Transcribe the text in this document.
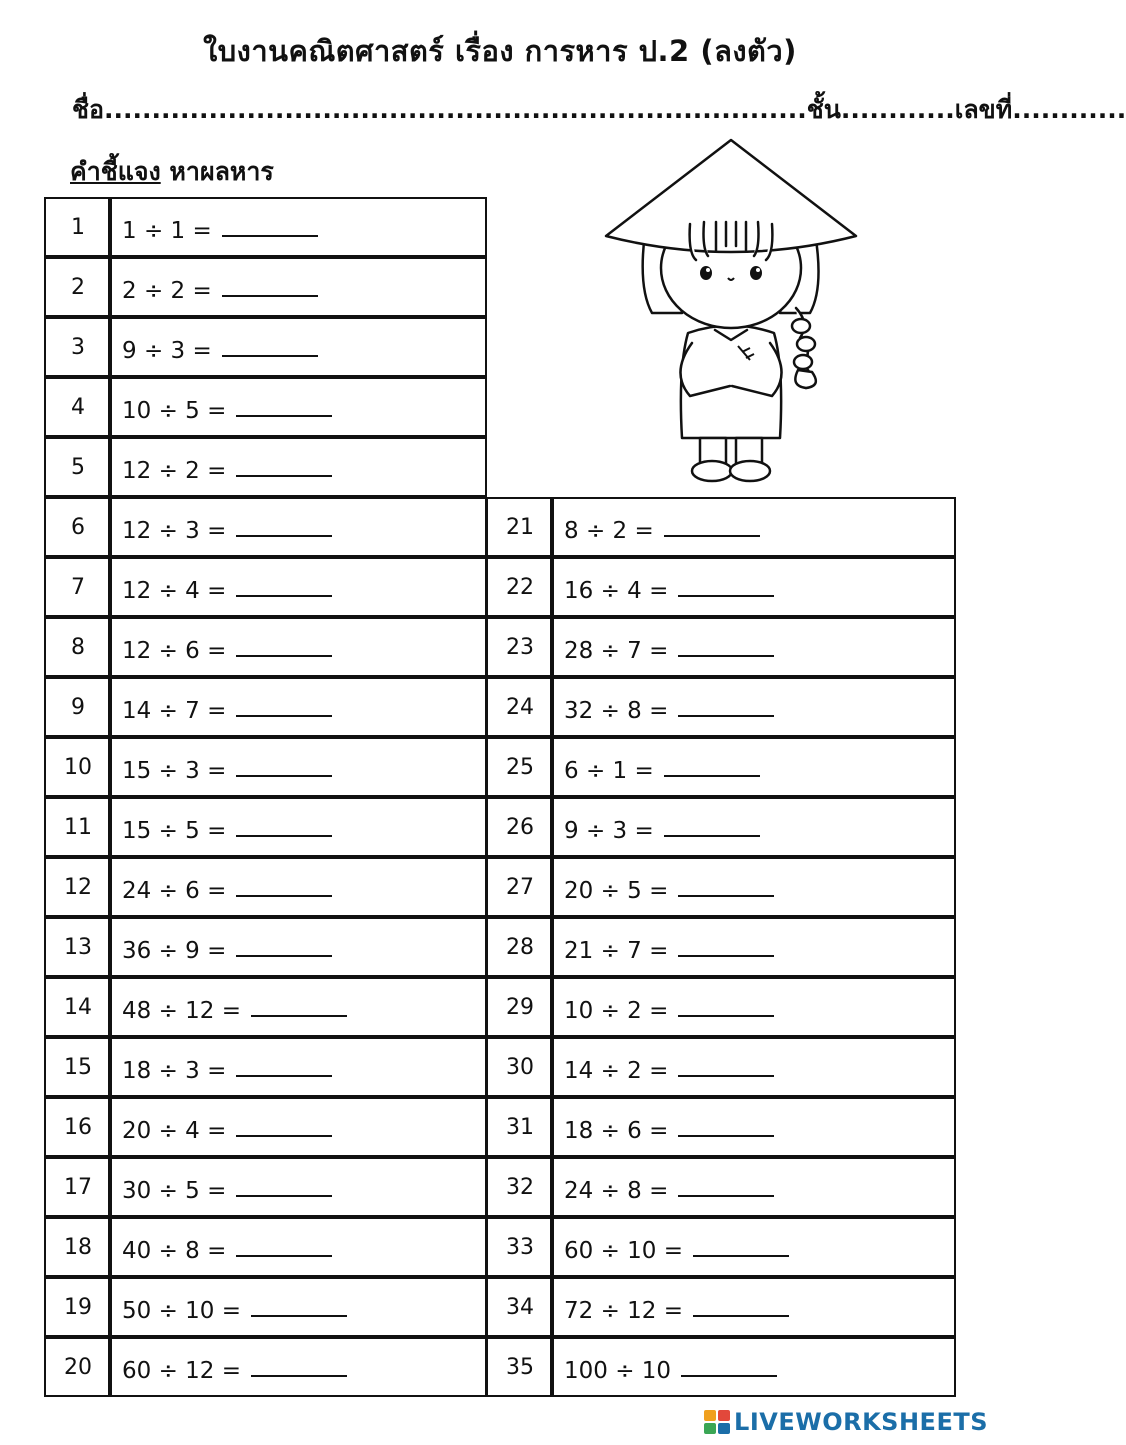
ใบงานคณิตศาสตร์ เรื่อง การหาร ป.2 (ลงตัว)
ชื่อ..........................................................................ชั้น............เลขที่............
คำชี้แจง หาผลหาร
1	1 ÷ 1 =
2	2 ÷ 2 =
3	9 ÷ 3 =
4	10 ÷ 5 =
5	12 ÷ 2 =
6	12 ÷ 3 =
7	12 ÷ 4 =
8	12 ÷ 6 =
9	14 ÷ 7 =
10	15 ÷ 3 =
11	15 ÷ 5 =
12	24 ÷ 6 =
13	36 ÷ 9 =
14	48 ÷ 12 =
15	18 ÷ 3 =
16	20 ÷ 4 =
17	30 ÷ 5 =
18	40 ÷ 8 =
19	50 ÷ 10 =
20	60 ÷ 12 =
21	8 ÷ 2 =
22	16 ÷ 4 =
23	28 ÷ 7 =
24	32 ÷ 8 =
25	6 ÷ 1 =
26	9 ÷ 3 =
27	20 ÷ 5 =
28	21 ÷ 7 =
29	10 ÷ 2 =
30	14 ÷ 2 =
31	18 ÷ 6 =
32	24 ÷ 8 =
33	60 ÷ 10 =
34	72 ÷ 12 =
35	100 ÷ 10
LIVEWORKSHEETS
